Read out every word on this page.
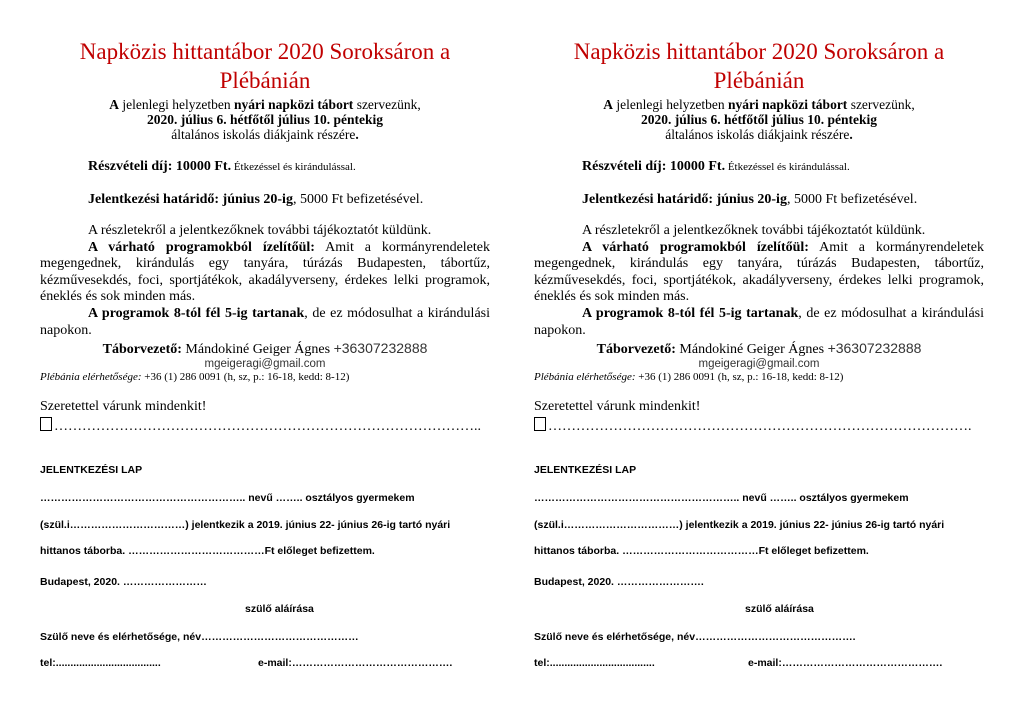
Napközis hittantábor 2020 Soroksáron a
Plébánián
A jelenlegi helyzetben nyári napközi tábort szervezünk,
2020. július 6. hétfőtől július 10. péntekig
általános iskolás diákjaink részére.
Részvételi díj: 10000 Ft. Étkezéssel és kirándulással.
Jelentkezési határidő: június 20-ig, 5000 Ft befizetésével.

A részletekről a jelentkezőknek további tájékoztatót küldünk.

A várható programokból ízelítőül: Amit a kormányrendeletek megengednek, kirándulás egy tanyára, túrázás Budapesten, tábortűz, kézművesekdés, foci, sportjátékok, akadályverseny, érdekes lelki programok, éneklés és sok minden más.

A programok 8-tól fél 5-ig tartanak, de ez módosulhat a kirándulási napokon.

Táborvezető: Mándokiné Geiger Ágnes +36307232888
mgeigeragi@gmail.com
Plébánia elérhetősége: +36 (1) 286 0091 (h, sz, p.: 16-18, kedd: 8-12)
Szeretettel várunk mindenkit!
………………………………………………………………………………..
JELENTKEZÉSI LAP
………………………………………………….. nevű …….. osztályos gyermekem
(szül.i……………………………) jelentkezik a 2019. június 22- június 26-ig tartó nyári
hittanos táborba. …………………………………Ft előleget befizettem.
Budapest, 2020. ……………………
szülő aláírása
Szülő neve és elérhetősége, név………………………………………
tel:....................................	e-mail:……………………………………….
Napközis hittantábor 2020 Soroksáron a
Plébánián
A jelenlegi helyzetben nyári napközi tábort szervezünk,
2020. július 6. hétfőtől július 10. péntekig
általános iskolás diákjaink részére.
Részvételi díj: 10000 Ft. Étkezéssel és kirándulással.
Jelentkezési határidő: június 20-ig, 5000 Ft befizetésével.

A részletekről a jelentkezőknek további tájékoztatót küldünk.

A várható programokból ízelítőül: Amit a kormányrendeletek megengednek, kirándulás egy tanyára, túrázás Budapesten, tábortűz, kézművesekdés, foci, sportjátékok, akadályverseny, érdekes lelki programok, éneklés és sok minden más.

A programok 8-tól fél 5-ig tartanak, de ez módosulhat a kirándulási napokon.

Táborvezető: Mándokiné Geiger Ágnes +36307232888
mgeigeragi@gmail.com
Plébánia elérhetősége: +36 (1) 286 0091 (h, sz, p.: 16-18, kedd: 8-12)
Szeretettel várunk mindenkit!
……………………………………………………………………………….
JELENTKEZÉSI LAP
………………………………………………….. nevű …….. osztályos gyermekem
(szül.i……………………………) jelentkezik a 2019. június 22- június 26-ig tartó nyári
hittanos táborba. …………………………………Ft előleget befizettem.
Budapest, 2020. …………………….
szülő aláírása
Szülő neve és elérhetősége, név……………………………………….
tel:....................................	e-mail:……………………………………….
